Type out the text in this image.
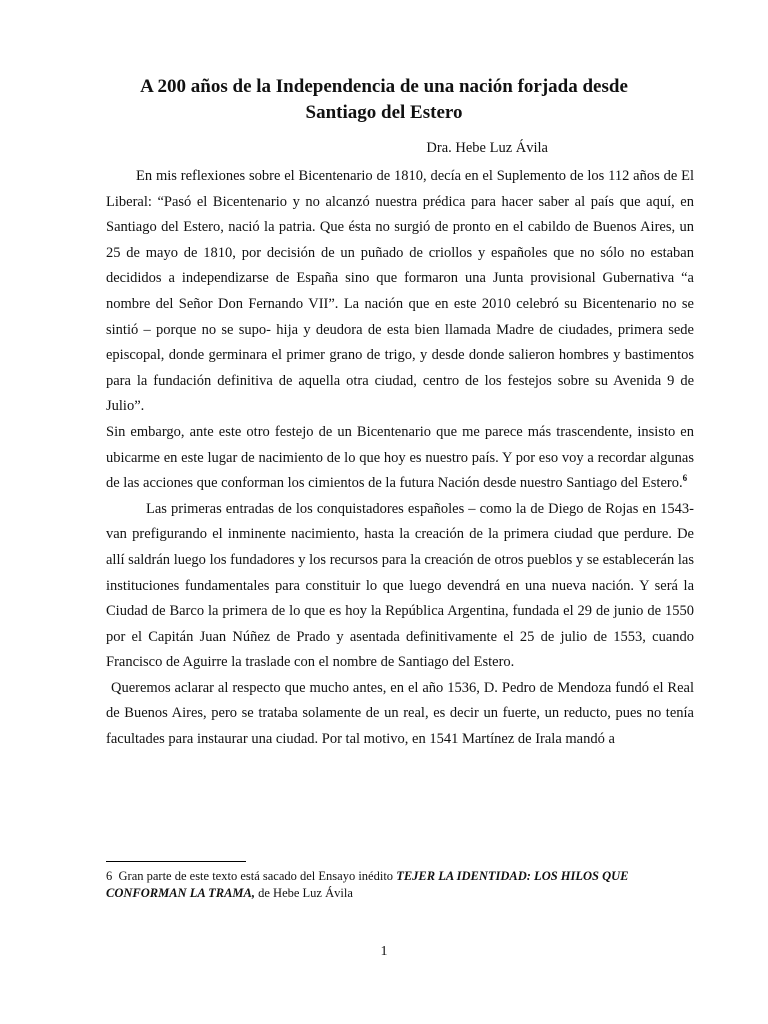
A 200 años de la Independencia de una nación forjada desde
Santiago del Estero
Dra. Hebe Luz Ávila

En mis reflexiones sobre el Bicentenario de 1810, decía en el Suplemento de los 112 años de El Liberal: “Pasó el Bicentenario y no alcanzó nuestra prédica para hacer saber al país que aquí, en Santiago del Estero, nació la patria. Que ésta no surgió de pronto en el cabildo de Buenos Aires, un 25 de mayo de 1810, por decisión de un puñado de criollos y españoles que no sólo no estaban decididos a independizarse de España sino que formaron una Junta provisional Gubernativa “a nombre del Señor Don Fernando VII”. La nación que en este 2010 celebró su Bicentenario no se sintió – porque no se supo- hija y deudora de esta bien llamada Madre de ciudades, primera sede episcopal, donde germinara el primer grano de trigo, y desde donde salieron hombres y bastimentos para la fundación definitiva de aquella otra ciudad, centro de los festejos sobre su Avenida 9 de Julio”.

Sin embargo, ante este otro festejo de un Bicentenario que me parece más trascendente, insisto en ubicarme en este lugar de nacimiento de lo que hoy es nuestro país. Y por eso voy a recordar algunas de las acciones que conforman los cimientos de la futura Nación desde nuestro Santiago del Estero.$^6$

Las primeras entradas de los conquistadores españoles – como la de Diego de Rojas en 1543- van prefigurando el inminente nacimiento, hasta la creación de la primera ciudad que perdure. De allí saldrán luego los fundadores y los recursos para la creación de otros pueblos y se establecerán las instituciones fundamentales para constituir lo que luego devendrá en una nueva nación. Y será la Ciudad de Barco la primera de lo que es hoy la República Argentina, fundada el 29 de junio de 1550 por el Capitán Juan Núñez de Prado y asentada definitivamente el 25 de julio de 1553, cuando Francisco de Aguirre la traslade con el nombre de Santiago del Estero.

Queremos aclarar al respecto que mucho antes, en el año 1536, D. Pedro de Mendoza fundó el Real de Buenos Aires, pero se trataba solamente de un real, es decir un fuerte, un reducto, pues no tenía facultades para instaurar una ciudad. Por tal motivo, en 1541 Martínez de Irala mandó a

6 Gran parte de este texto está sacado del Ensayo inédito TEJER LA IDENTIDAD: LOS HILOS QUE CONFORMAN LA TRAMA, de Hebe Luz Ávila
1
